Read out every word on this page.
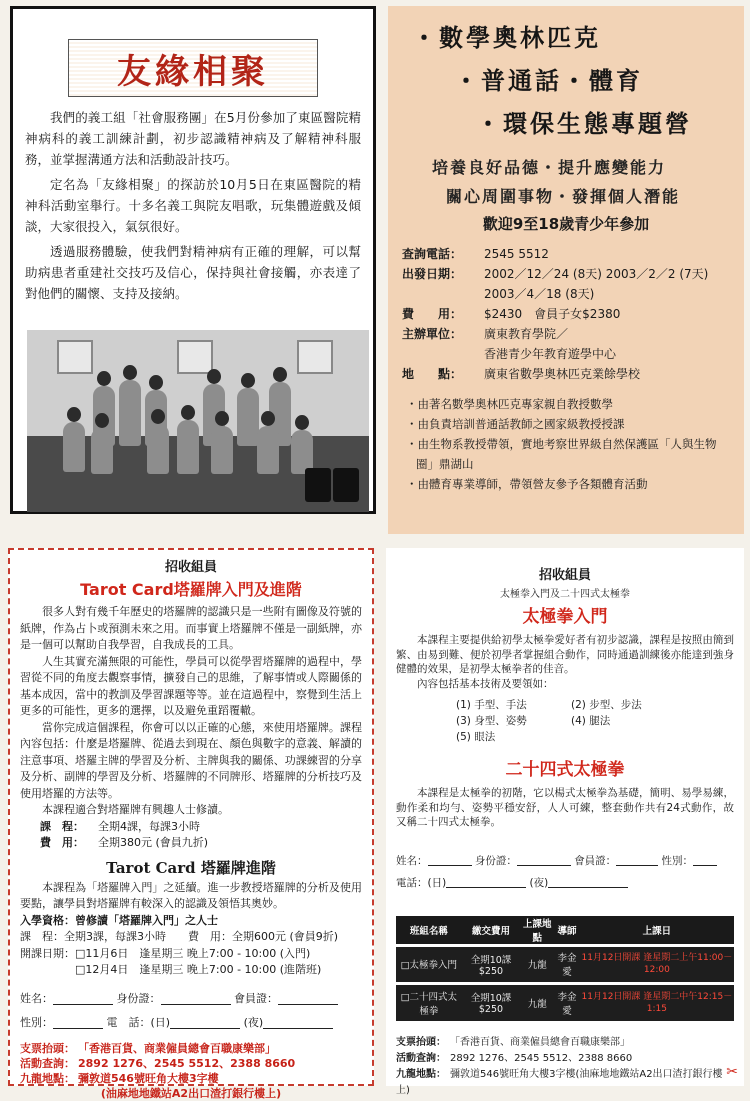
友緣相聚

我們的義工組「社會服務團」在5月份參加了東區醫院精神病科的義工訓練計劃，初步認識精神病及了解精神科服務，並掌握溝通方法和活動設計技巧。

定名為「友緣相聚」的探訪於10月5日在東區醫院的精神科活動室舉行。十多名義工與院友唱歌，玩集體遊戲及傾談，大家很投入，氣氛很好。

透過服務體驗，使我們對精神病有正確的理解，可以幫助病患者重建社交技巧及信心，保持與社會接觸，亦表達了對他們的關懷、支持及接納。

・數學奧林匹克
・普通話・體育
・環保生態專題營
培養良好品德・提升應變能力
關心周圍事物・發揮個人潛能
歡迎9至18歲青少年參加
查詢電話：	2545 5512
出發日期：	2002／12／24 (8天) 2003／2／2 (7天)
2003／4／18 (8天)
費　　用：	$2430　會員子女$2380
主辦單位：	廣東教育學院／
香港青少年教育遊學中心
地　　點：	廣東省數學奧林匹克業餘學校
・由著名數學奧林匹克專家親自教授數學
・由負責培訓普通話教師之國家級教授授課
・由生物系教授帶領，實地考察世界級自然保護區「人與生物圈」鼎湖山
・由體育專業導師，帶領營友參予各類體育活動
招收組員
Tarot Card塔羅牌入門及進階

很多人對有幾千年歷史的塔羅牌的認識只是一些附有圖像及符號的紙牌，作為占卜或預測未來之用。而事實上塔羅牌不僅是一副紙牌，亦是一個可以幫助自我學習，自我成長的工具。

人生其實充滿無限的可能性，學員可以從學習塔羅牌的過程中，學習從不同的角度去觀察事情，擴發自己的思維，了解事情或人際關係的基本成因，當中的教訓及學習課題等等。並在這過程中，察覺到生活上更多的可能性，更多的選擇，以及避免重蹈覆轍。

當你完成這個課程，你會可以以正確的心態，來使用塔羅牌。課程內容包括：什麼是塔羅牌、從過去到現在、顏色與數字的意義、解讀的注意事項、塔羅主牌的學習及分析、主牌與我的關係、功課練習的分享及分析、副牌的學習及分析、塔羅牌的不同牌形、塔羅牌的分析技巧及使用塔羅的方法等。

本課程適合對塔羅牌有興趣人士修讀。

課　程：	全期4課，每課3小時
費　用：	全期380元 (會員九折)
Tarot Card 塔羅牌進階

本課程為「塔羅牌入門」之延續。進一步教授塔羅牌的分析及使用要點，讓學員對塔羅牌有較深入的認識及領悟其奧妙。

入學資格：曾修讀「塔羅牌入門」之人士
課　程：全期3課，每課3小時　　費　用：全期600元 (會員9折)
開課日期：□11月6日　逢星期三 晚上7:00 - 10:00 (入門)
　　　　　□12月4日　逢星期三 晚上7:00 - 10:00 (進階班)
姓名：	身份證：	會員證：
性別：	電　話：(日)	(夜)
支票抬頭： 「香港百貨、商業僱員總會百職康樂部」
活動查詢： 2892 1276、2545 5512、2388 8660
九龍地點： 彌敦道546號旺角大樓3字樓
(油麻地地鐵站A2出口渣打銀行樓上)
招收組員
太極拳入門及二十四式太極拳
太極拳入門

本課程主要提供給初學太極拳愛好者有初步認識，課程是按照由簡到繁、由易到難、便於初學者掌握組合動作，同時通過訓練後亦能達到強身健體的效果，是初學太極拳者的佳音。

內容包括基本技術及要領如：

(1) 手型、手法	(2) 步型、步法
(3) 身型、姿勢	(4) 腿法
(5) 眼法
二十四式太極拳

本課程是太極拳的初階，它以楊式太極拳為基礎，簡明、易學易練，動作柔和均勻、姿勢平穩安舒，人人可練，整套動作共有24式動作，故又稱二十四式太極拳。

姓名：	身份證：	會員證：	性別：
電話：(日)	(夜)
班組名稱	繳交費用	上課地點	導師	上課日
□太極拳入門	全期10課$250	九龍	李金愛	11月12日開課 逢星期二上午11:00－12:00
□二十四式太極拳	全期10課$250	九龍	李金愛	11月12日開課 逢星期二中午12:15－1:15
支票抬頭： 「香港百貨、商業僱員總會百職康樂部」
活動查詢： 2892 1276、2545 5512、2388 8660
九龍地點： 彌敦道546號旺角大樓3字樓(油麻地地鐵站A2出口渣打銀行樓上)
✂
